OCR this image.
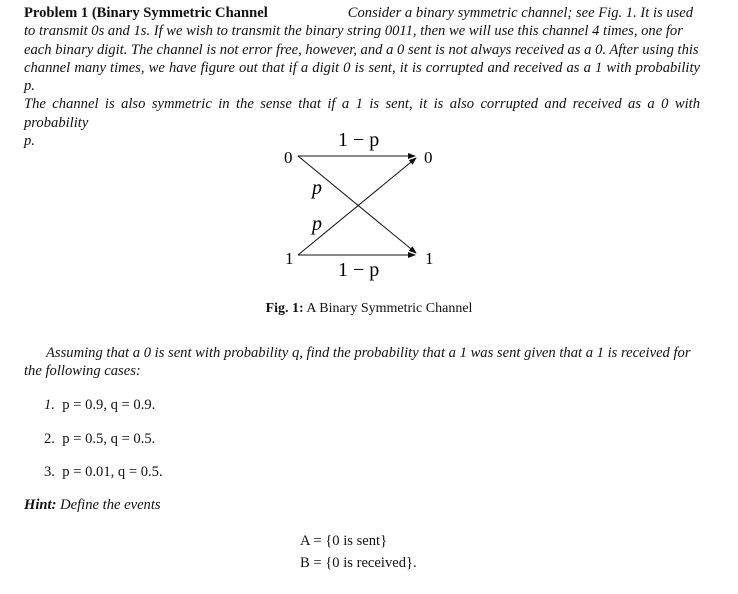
Problem 1 (Binary Symmetric Channel	Consider a binary symmetric channel; see Fig. 1. It is used
to transmit 0s and 1s. If we wish to transmit the binary string 0011, then we will use this channel 4 times, one for
each binary digit. The channel is not error free, however, and a 0 sent is not always received as a 0. After using this
channel many times, we have figure out that if a digit 0 is sent, it is corrupted and received as a 1 with probability p.
The channel is also symmetric in the sense that if a 1 is sent, it is also corrupted and received as a 0 with probability
p.
0	0
1	1
1 − p
1 − p
p
p
Fig. 1: A Binary Symmetric Channel
Assuming that a 0 is sent with probability q, find the probability that a 1 was sent given that a 1 is received for
the following cases:
1. p = 0.9, q = 0.9.
2. p = 0.5, q = 0.5.
3. p = 0.01, q = 0.5.
Hint: Define the events
A = {0 is sent}
B = {0 is received}.
